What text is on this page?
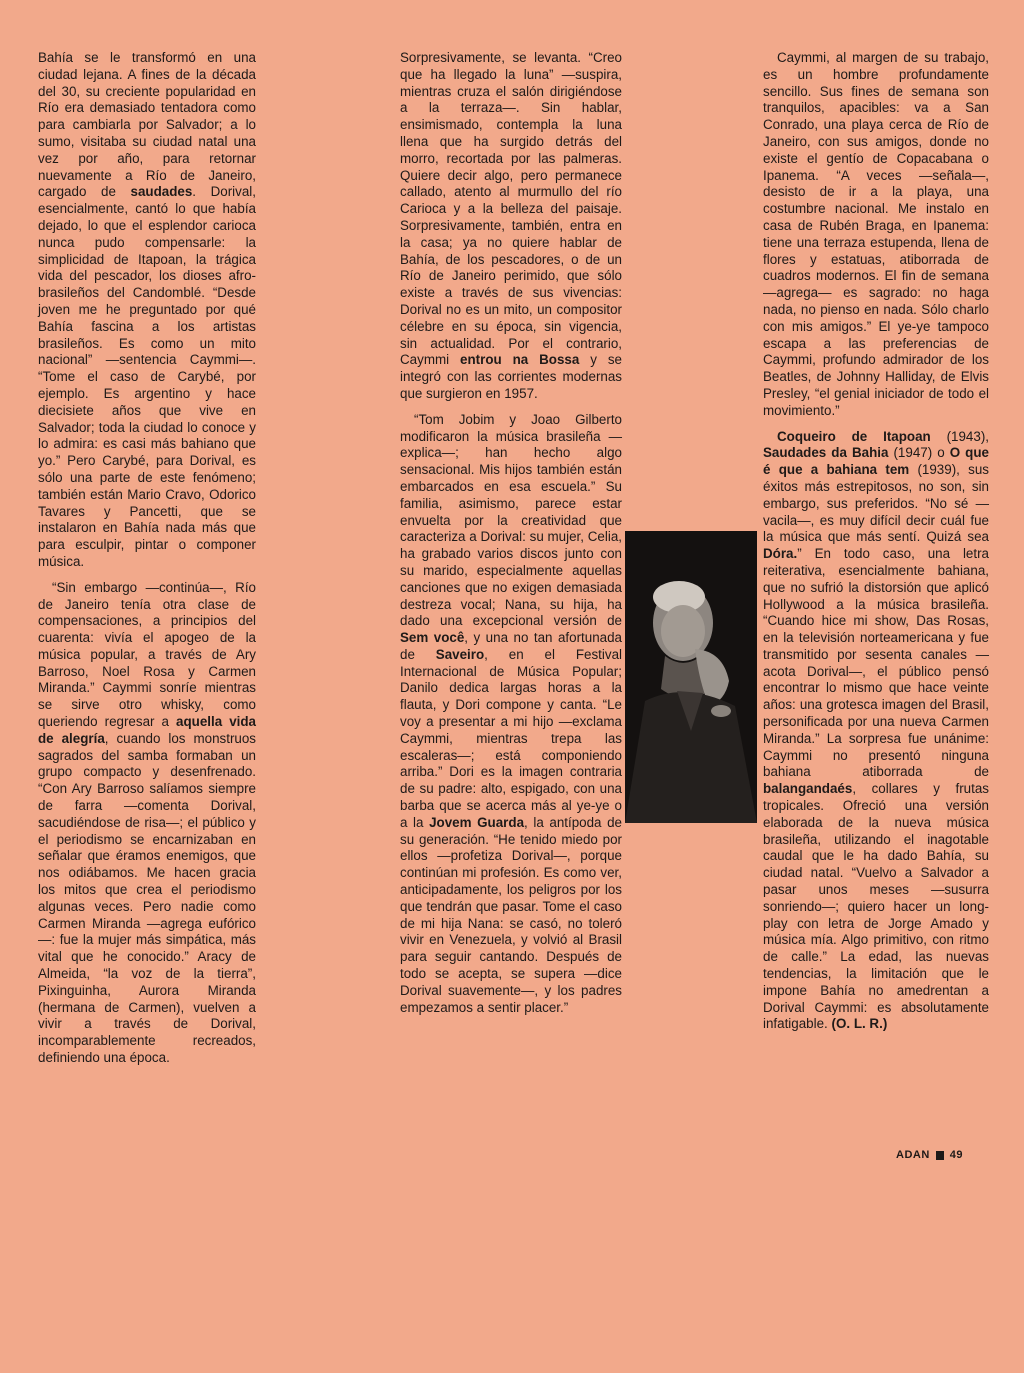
Bahía se le transformó en una ciudad lejana. A fines de la década del 30, su creciente popularidad en Río era demasiado tentadora como para cambiarla por Salvador; a lo sumo, visitaba su ciudad natal una vez por año, para retornar nuevamente a Río de Janeiro, cargado de saudades. Dorival, esencialmente, cantó lo que había dejado, lo que el esplendor carioca nunca pudo compensarle: la simplicidad de Itapoan, la trágica vida del pescador, los dioses afro-brasileños del Candomblé. “Desde joven me he preguntado por qué Bahía fascina a los artistas brasileños. Es como un mito nacional” —sentencia Caymmi—. “Tome el caso de Carybé, por ejemplo. Es argentino y hace diecisiete años que vive en Salvador; toda la ciudad lo conoce y lo admira: es casi más bahiano que yo.” Pero Carybé, para Dorival, es sólo una parte de este fenómeno; también están Mario Cravo, Odorico Tavares y Pancetti, que se instalaron en Bahía nada más que para esculpir, pintar o componer música.

“Sin embargo —continúa—, Río de Janeiro tenía otra clase de compensaciones, a principios del cuarenta: vivía el apogeo de la música popular, a través de Ary Barroso, Noel Rosa y Carmen Miranda.” Caymmi sonríe mientras se sirve otro whisky, como queriendo regresar a aquella vida de alegría, cuando los monstruos sagrados del samba formaban un grupo compacto y desenfrenado. “Con Ary Barroso salíamos siempre de farra —comenta Dorival, sacudiéndose de risa—; el público y el periodismo se encarnizaban en señalar que éramos enemigos, que nos odiábamos. Me hacen gracia los mitos que crea el periodismo algunas veces. Pero nadie como Carmen Miranda —agrega eufórico—: fue la mujer más simpática, más vital que he conocido.” Aracy de Almeida, “la voz de la tierra”, Pixinguinha, Aurora Miranda (hermana de Carmen), vuelven a vivir a través de Dorival, incomparablemente recreados, definiendo una época.

Sorpresivamente, se levanta. “Creo que ha llegado la luna” —suspira, mientras cruza el salón dirigiéndose a la terraza—. Sin hablar, ensimismado, contempla la luna llena que ha surgido detrás del morro, recortada por las palmeras. Quiere decir algo, pero permanece callado, atento al murmullo del río Carioca y a la belleza del paisaje. Sorpresivamente, también, entra en la casa; ya no quiere hablar de Bahía, de los pescadores, o de un Río de Janeiro perimido, que sólo existe a través de sus vivencias: Dorival no es un mito, un compositor célebre en su época, sin vigencia, sin actualidad. Por el contrario, Caymmi entrou na Bossa y se integró con las corrientes modernas que surgieron en 1957.

“Tom Jobim y Joao Gilberto modificaron la música brasileña —explica—; han hecho algo sensacional. Mis hijos también están embarcados en esa escuela.” Su familia, asimismo, parece estar envuelta por la creatividad que caracteriza a Dorival: su mujer, Celia, ha grabado varios discos junto con su marido, especialmente aquellas canciones que no exigen demasiada destreza vocal; Nana, su hija, ha dado una excepcional versión de Sem você, y una no tan afortunada de Saveiro, en el Festival Internacional de Música Popular; Danilo dedica largas horas a la flauta, y Dori compone y canta. “Le voy a presentar a mi hijo —exclama Caymmi, mientras trepa las escaleras—; está componiendo arriba.” Dori es la imagen contraria de su padre: alto, espigado, con una barba que se acerca más al ye-ye o a la Jovem Guarda, la antípoda de su generación. “He tenido miedo por ellos —profetiza Dorival—, porque continúan mi profesión. Es como ver, anticipadamente, los peligros por los que tendrán que pasar. Tome el caso de mi hija Nana: se casó, no toleró vivir en Venezuela, y volvió al Brasil para seguir cantando. Después de todo se acepta, se supera —dice Dorival suavemente—, y los padres empezamos a sentir placer.”

Caymmi, al margen de su trabajo, es un hombre profundamente sencillo. Sus fines de semana son tranquilos, apacibles: va a San Conrado, una playa cerca de Río de Janeiro, con sus amigos, donde no existe el gentío de Copacabana o Ipanema. “A veces —señala—, desisto de ir a la playa, una costumbre nacional. Me instalo en casa de Rubén Braga, en Ipanema: tiene una terraza estupenda, llena de flores y estatuas, atiborrada de cuadros modernos. El fin de semana —agrega— es sagrado: no haga nada, no pienso en nada. Sólo charlo con mis amigos.” El ye-ye tampoco escapa a las preferencias de Caymmi, profundo admirador de los Beatles, de Johnny Halliday, de Elvis Presley, “el genial iniciador de todo el movimiento.”

Coqueiro de Itapoan (1943), Saudades da Bahia (1947) o O que é que a bahiana tem (1939), sus éxitos más estrepitosos, no son, sin embargo, sus preferidos. “No sé —vacila—, es muy difícil decir cuál fue la música que más sentí. Quizá sea Dóra.” En todo caso, una letra reiterativa, esencialmente bahiana, que no sufrió la distorsión que aplicó Hollywood a la música brasileña. “Cuando hice mi show, Das Rosas, en la televisión norteamericana y fue transmitido por sesenta canales —acota Dorival—, el público pensó encontrar lo mismo que hace veinte años: una grotesca imagen del Brasil, personificada por una nueva Carmen Miranda.” La sorpresa fue unánime: Caymmi no presentó ninguna bahiana atiborrada de balangandaés, collares y frutas tropicales. Ofreció una versión elaborada de la nueva música brasileña, utilizando el inagotable caudal que le ha dado Bahía, su ciudad natal. “Vuelvo a Salvador a pasar unos meses —susurra sonriendo—; quiero hacer un long-play con letra de Jorge Amado y música mía. Algo primitivo, con ritmo de calle.” La edad, las nuevas tendencias, la limitación que le impone Bahía no amedrentan a Dorival Caymmi: es absolutamente infatigable. (O. L. R.)

ADAN 49
